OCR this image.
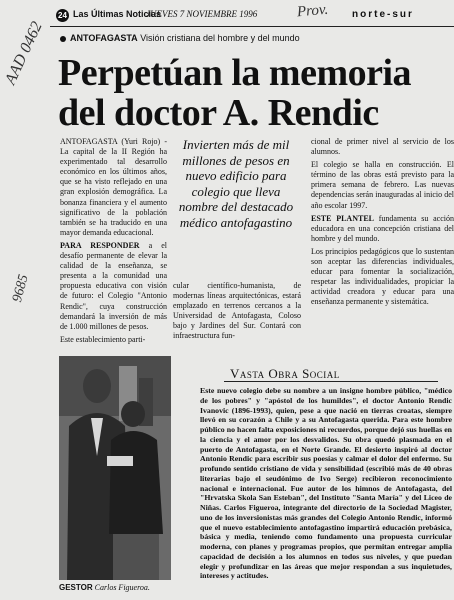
24 Las Últimas Noticias
JUEVES 7 NOVIEMBRE 1996	Prov. norte-sur
ANTOFAGASTA Visión cristiana del hombre y del mundo
Perpetúan la memoria del doctor A. Rendic
AAD 0462
9685

ANTOFAGASTA (Yuri Rojo) - La capital de la II Región ha experimentado tal desarrollo económico en los últimos años, que se ha visto reflejado en una gran explosión demográfica. La bonanza financiera y el aumento significativo de la población también se ha traducido en una mayor demanda educacional.

PARA RESPONDER a el desafío permanente de elevar la calidad de la enseñanza, se presenta a la comunidad una propuesta educativa con visión de futuro: el Colegio "Antonio Rendic", cuya construcción demandará la inversión de más de 1.000 millones de pesos.

Este establecimiento parti-

Invierten más de mil millones de pesos en nuevo edificio para colegio que lleva nombre del destacado médico antofagastino

cular científico-humanista, de modernas líneas arquitectónicas, estará emplazado en terrenos cercanos a la Universidad de Antofagasta, Coloso bajo y Jardines del Sur. Contará con infraestructura fun-

cional de primer nivel al servicio de los alumnos.

El colegio se halla en construcción. El término de las obras está previsto para la primera semana de febrero. Las nuevas dependencias serán inauguradas al inicio del año escolar 1997.

ESTE PLANTEL fundamenta su acción educadora en una concepción cristiana del hombre y del mundo.

Los principios pedagógicos que lo sustentan son aceptar las diferencias individuales, educar para fomentar la socialización, respetar las individualidades, propiciar la actividad creadora y educar para una enseñanza permanente y sistemática.

GESTOR Carlos Figueroa.
Vasta Obra Social
Este nuevo colegio debe su nombre a un insigne hombre público, "médico de los pobres" y "apóstol de los humildes", el doctor Antonio Rendic Ivanovic (1896-1993), quien, pese a que nació en tierras croatas, siempre llevó en su corazón a Chile y a su Antofagasta querida. Para este hombre público no hacen falta exposiciones ni recuerdos, porque dejó sus huellas en la ciencia y el amor por los desvalidos. Su obra quedó plasmada en el puerto de Antofagasta, en el Norte Grande. El desierto inspiró al doctor Antonio Rendic para escribir sus poesías y calmar el dolor del enfermo. Su profundo sentido cristiano de vida y sensibilidad (escribió más de 40 obras literarias bajo el seudónimo de Ivo Serge) recibieron reconocimiento nacional e internacional. Fue autor de los himnos de Antofagasta, del "Hrvatska Skola San Esteban", del Instituto "Santa María" y del Liceo de Niñas. Carlos Figueroa, integrante del directorio de la Sociedad Magister, uno de los inversionistas más grandes del Colegio Antonio Rendic, informó que el nuevo establecimiento antofagastino impartirá educación prebásica, básica y media, teniendo como fundamento una propuesta curricular moderna, con planes y programas propios, que permitan entregar amplia capacidad de decisión a los alumnos en todos sus niveles, y que puedan elegir y profundizar en las áreas que mejor respondan a sus inquietudes, intereses y actitudes.
